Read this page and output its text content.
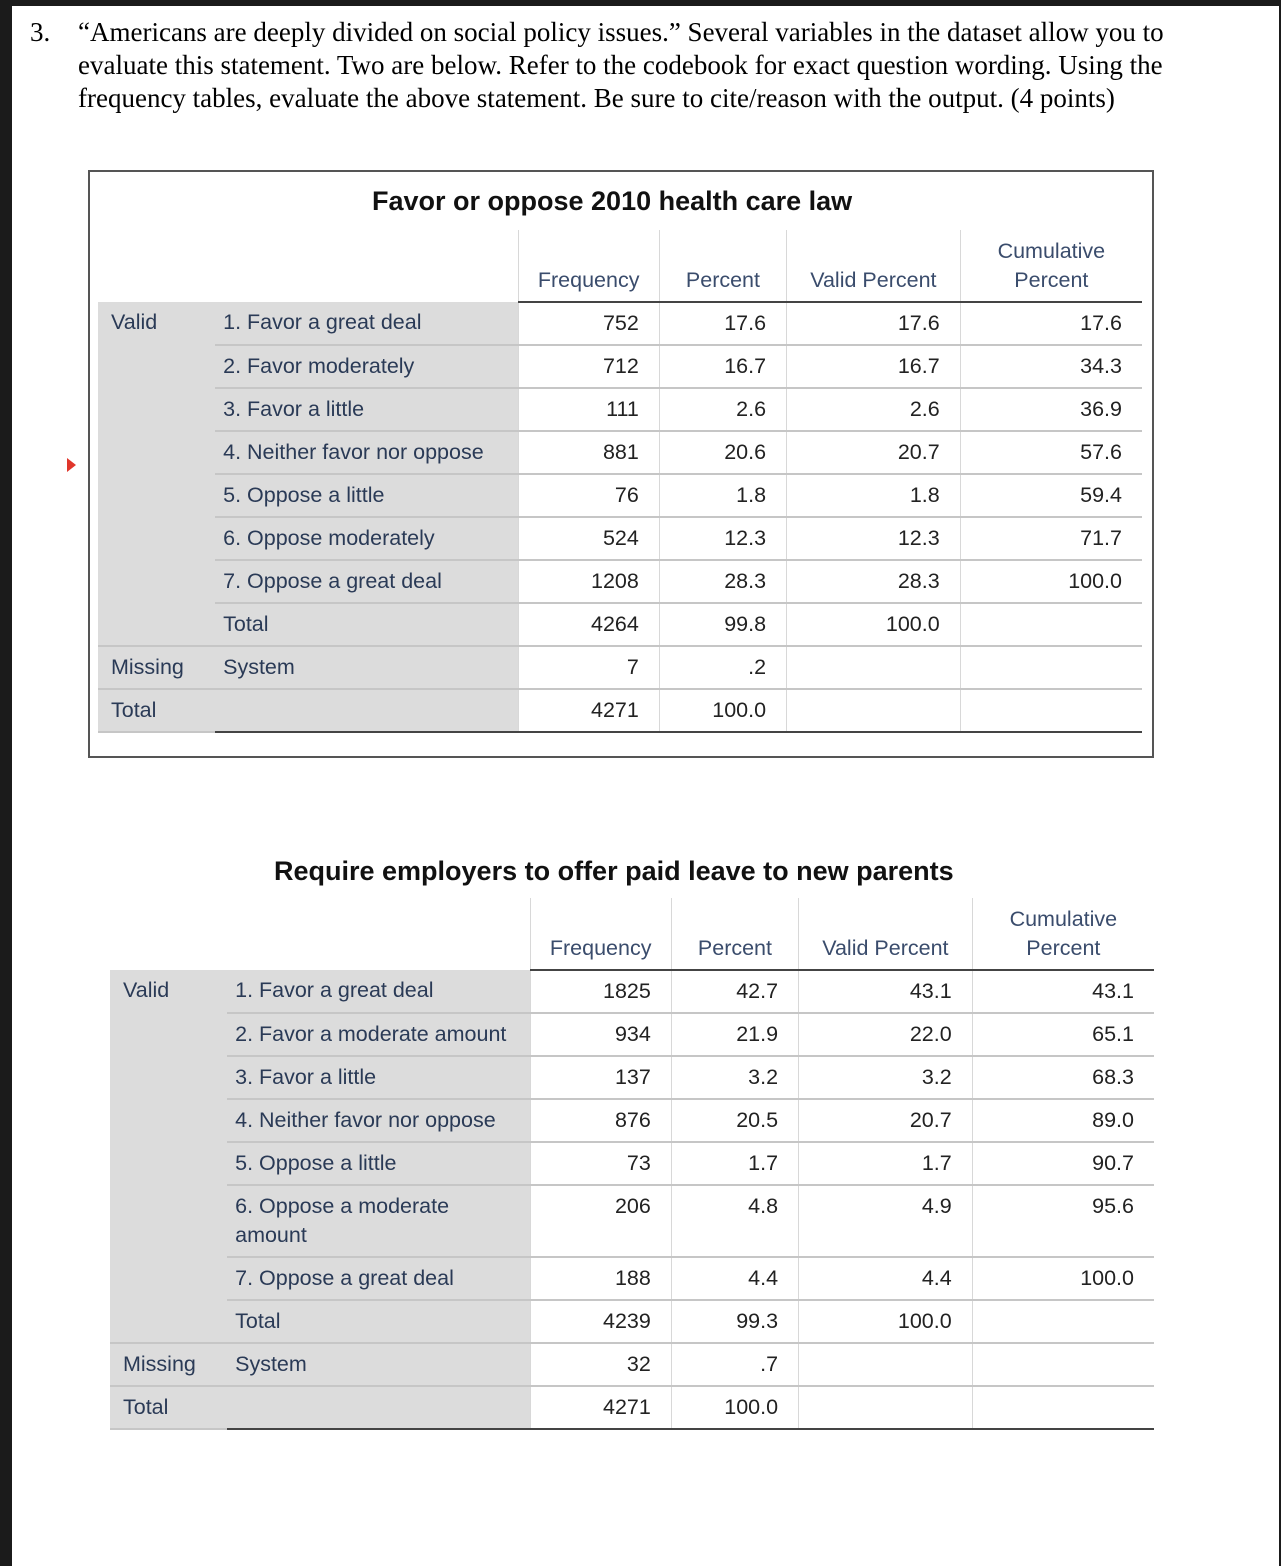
3. “Americans are deeply divided on social policy issues.” Several variables in the dataset allow you to evaluate this statement. Two are below. Refer to the codebook for exact question wording. Using the frequency tables, evaluate the above statement. Be sure to cite/reason with the output. (4 points)
Favor or oppose 2010 health care law
		Frequency	Percent	Valid Percent	Cumulative Percent
Valid	1. Favor a great deal	752	17.6	17.6	17.6
	2. Favor moderately	712	16.7	16.7	34.3
	3. Favor a little	111	2.6	2.6	36.9
	4. Neither favor nor oppose	881	20.6	20.7	57.6
	5. Oppose a little	76	1.8	1.8	59.4
	6. Oppose moderately	524	12.3	12.3	71.7
	7. Oppose a great deal	1208	28.3	28.3	100.0
	Total	4264	99.8	100.0	
Missing	System	7	.2		
Total		4271	100.0		
Require employers to offer paid leave to new parents
		Frequency	Percent	Valid Percent	Cumulative Percent
Valid	1. Favor a great deal	1825	42.7	43.1	43.1
	2. Favor a moderate amount	934	21.9	22.0	65.1
	3. Favor a little	137	3.2	3.2	68.3
	4. Neither favor nor oppose	876	20.5	20.7	89.0
	5. Oppose a little	73	1.7	1.7	90.7
	6. Oppose a moderate amount	206	4.8	4.9	95.6
	7. Oppose a great deal	188	4.4	4.4	100.0
	Total	4239	99.3	100.0	
Missing	System	32	.7		
Total		4271	100.0		
